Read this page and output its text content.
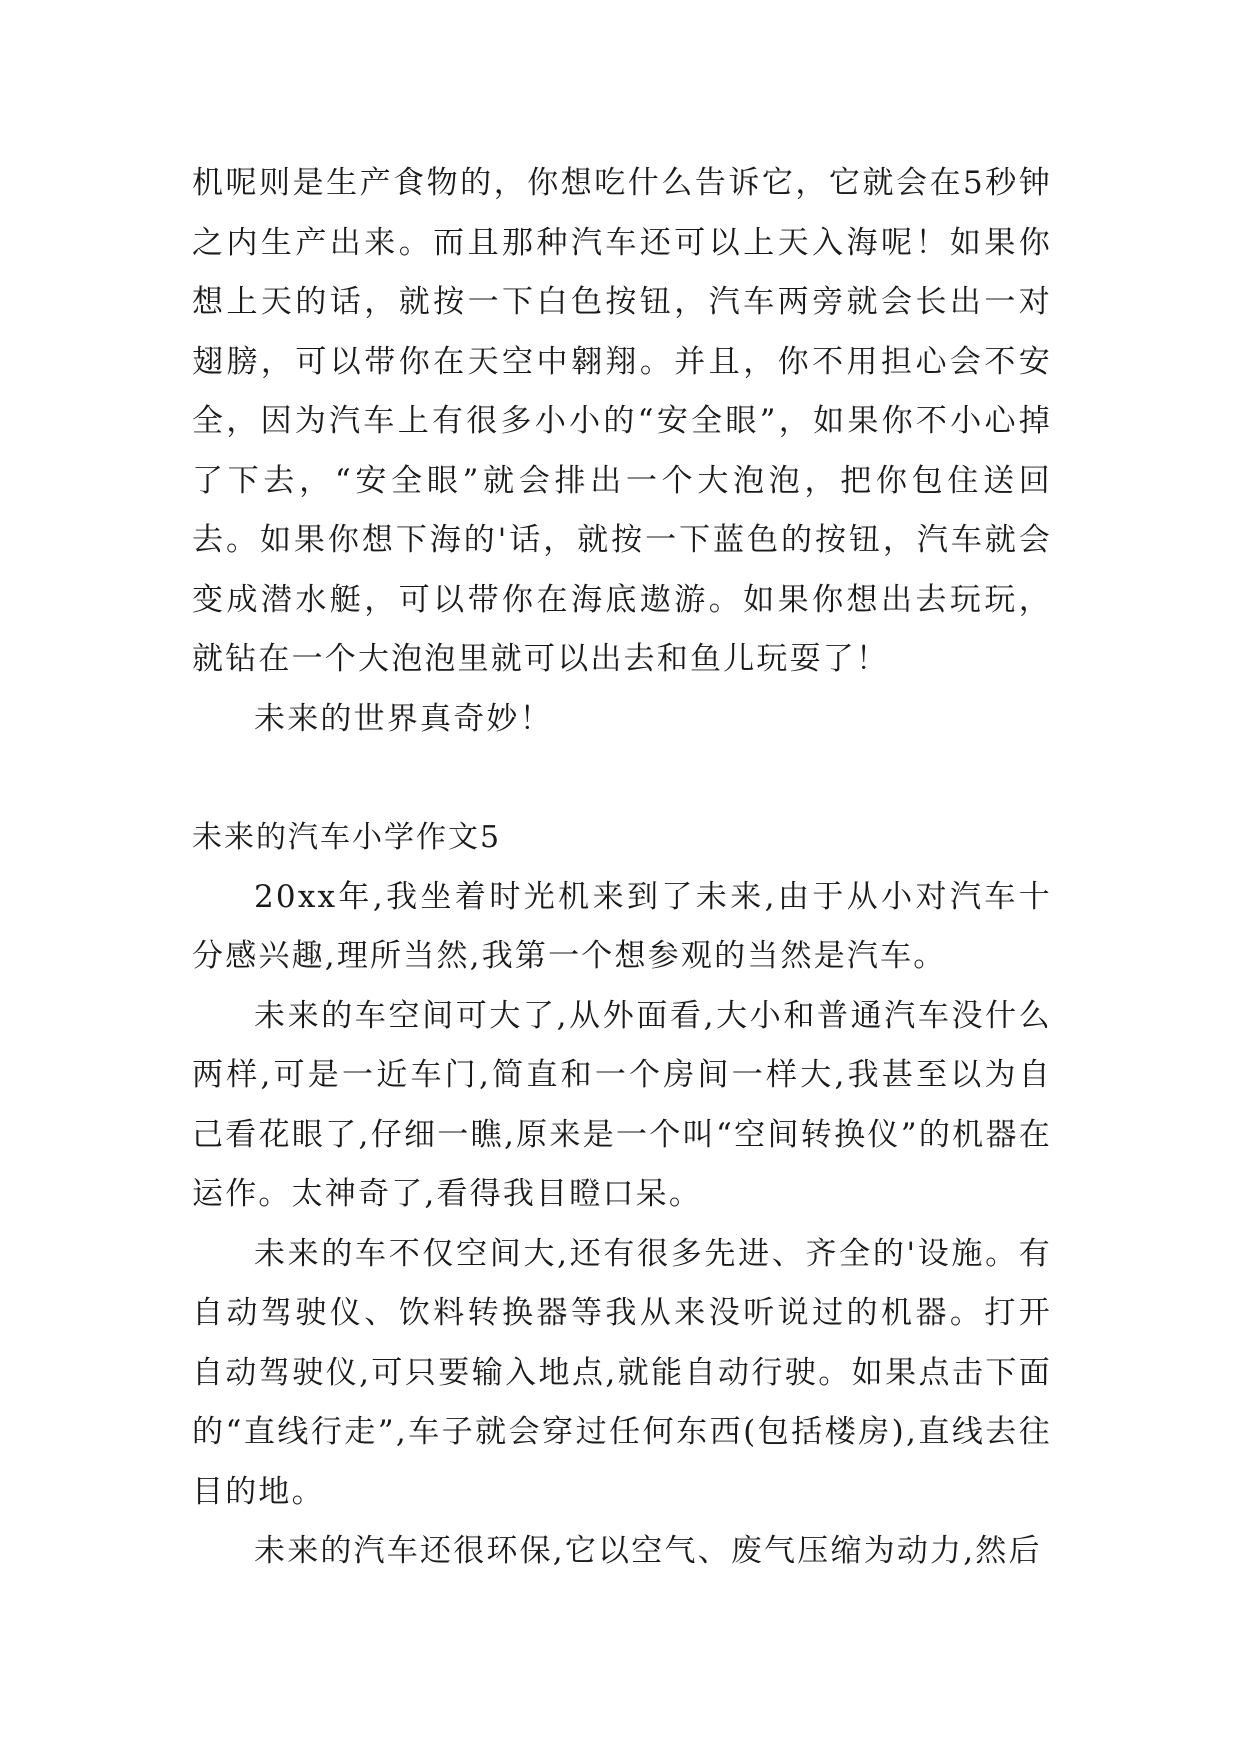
机呢则是生产食物的，你想吃什么告诉它，它就会在5秒钟之内生产出来。而且那种汽车还可以上天入海呢！如果你想上天的话，就按一下白色按钮，汽车两旁就会长出一对翅膀，可以带你在天空中翱翔。并且，你不用担心会不安全，因为汽车上有很多小小的“安全眼”，如果你不小心掉了下去，“安全眼”就会排出一个大泡泡，把你包住送回去。如果你想下海的'话，就按一下蓝色的按钮，汽车就会变成潜水艇，可以带你在海底遨游。如果你想出去玩玩，就钻在一个大泡泡里就可以出去和鱼儿玩耍了！

未来的世界真奇妙！

未来的汽车小学作文5

20xx年,我坐着时光机来到了未来,由于从小对汽车十分感兴趣,理所当然,我第一个想参观的当然是汽车。

未来的车空间可大了,从外面看,大小和普通汽车没什么两样,可是一近车门,简直和一个房间一样大,我甚至以为自己看花眼了,仔细一瞧,原来是一个叫“空间转换仪”的机器在运作。太神奇了,看得我目瞪口呆。

未来的车不仅空间大,还有很多先进、齐全的'设施。有自动驾驶仪、饮料转换器等我从来没听说过的机器。打开自动驾驶仪,可只要输入地点,就能自动行驶。如果点击下面的“直线行走”,车子就会穿过任何东西(包括楼房),直线去往目的地。

未来的汽车还很环保,它以空气、废气压缩为动力,然后
